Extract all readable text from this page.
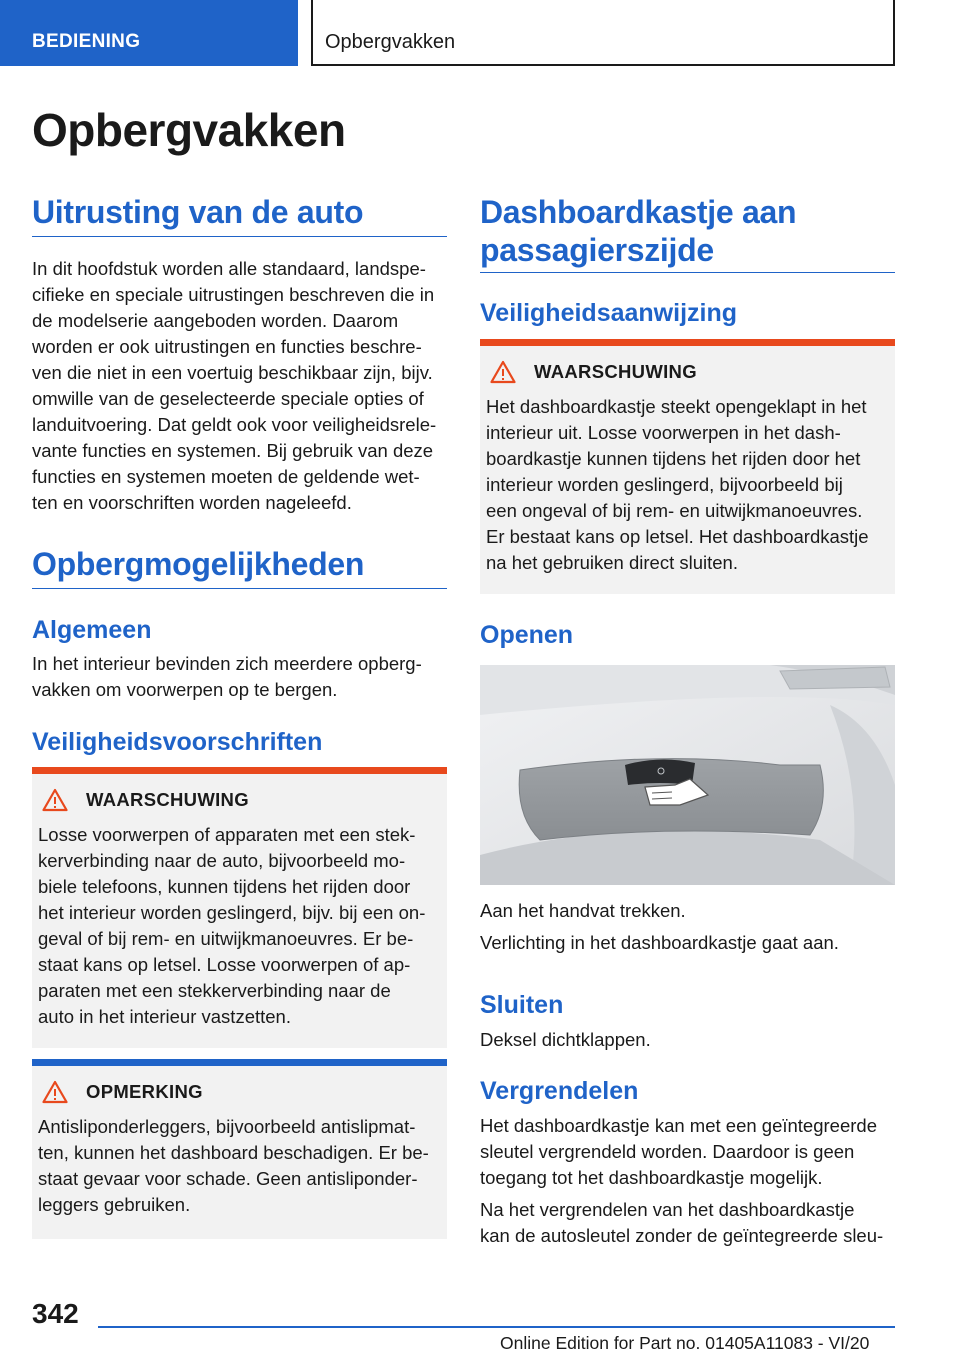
BEDIENING	Opbergvakken
Opbergvakken
Uitrusting van de auto
In dit hoofdstuk worden alle standaard, landspe‐
cifieke en speciale uitrustingen beschreven die in
de modelserie aangeboden worden. Daarom
worden er ook uitrustingen en functies beschre‐
ven die niet in een voertuig beschikbaar zijn, bijv.
omwille van de geselecteerde speciale opties of
landuitvoering. Dat geldt ook voor veiligheidsrele‐
vante functies en systemen. Bij gebruik van deze
functies en systemen moeten de geldende wet‐
ten en voorschriften worden nageleefd.
Opbergmogelijkheden
Algemeen
In het interieur bevinden zich meerdere opberg‐
vakken om voorwerpen op te bergen.
Veiligheidsvoorschriften
WAARSCHUWING
Losse voorwerpen of apparaten met een stek‐
kerverbinding naar de auto, bijvoorbeeld mo‐
biele telefoons, kunnen tijdens het rijden door
het interieur worden geslingerd, bijv. bij een on‐
geval of bij rem- en uitwijkmanoeuvres. Er be‐
staat kans op letsel. Losse voorwerpen of ap‐
paraten met een stekkerverbinding naar de
auto in het interieur vastzetten.
OPMERKING
Antisliponderleggers, bijvoorbeeld antislipmat‐
ten, kunnen het dashboard beschadigen. Er be‐
staat gevaar voor schade. Geen antisliponder‐
leggers gebruiken.
Dashboardkastje aan
passagierszijde
Veiligheidsaanwijzing
WAARSCHUWING
Het dashboardkastje steekt opengeklapt in het
interieur uit. Losse voorwerpen in het dash‐
boardkastje kunnen tijdens het rijden door het
interieur worden geslingerd, bijvoorbeeld bij
een ongeval of bij rem- en uitwijkmanoeuvres.
Er bestaat kans op letsel. Het dashboardkastje
na het gebruiken direct sluiten.
Openen
Aan het handvat trekken.
Verlichting in het dashboardkastje gaat aan.
Sluiten
Deksel dichtklappen.
Vergrendelen
Het dashboardkastje kan met een geïntegreerde
sleutel vergrendeld worden. Daardoor is geen
toegang tot het dashboardkastje mogelijk.
Na het vergrendelen van het dashboardkastje
kan de autosleutel zonder de geïntegreerde sleu‐
342
Online Edition for Part no. 01405A11083 - VI/20
